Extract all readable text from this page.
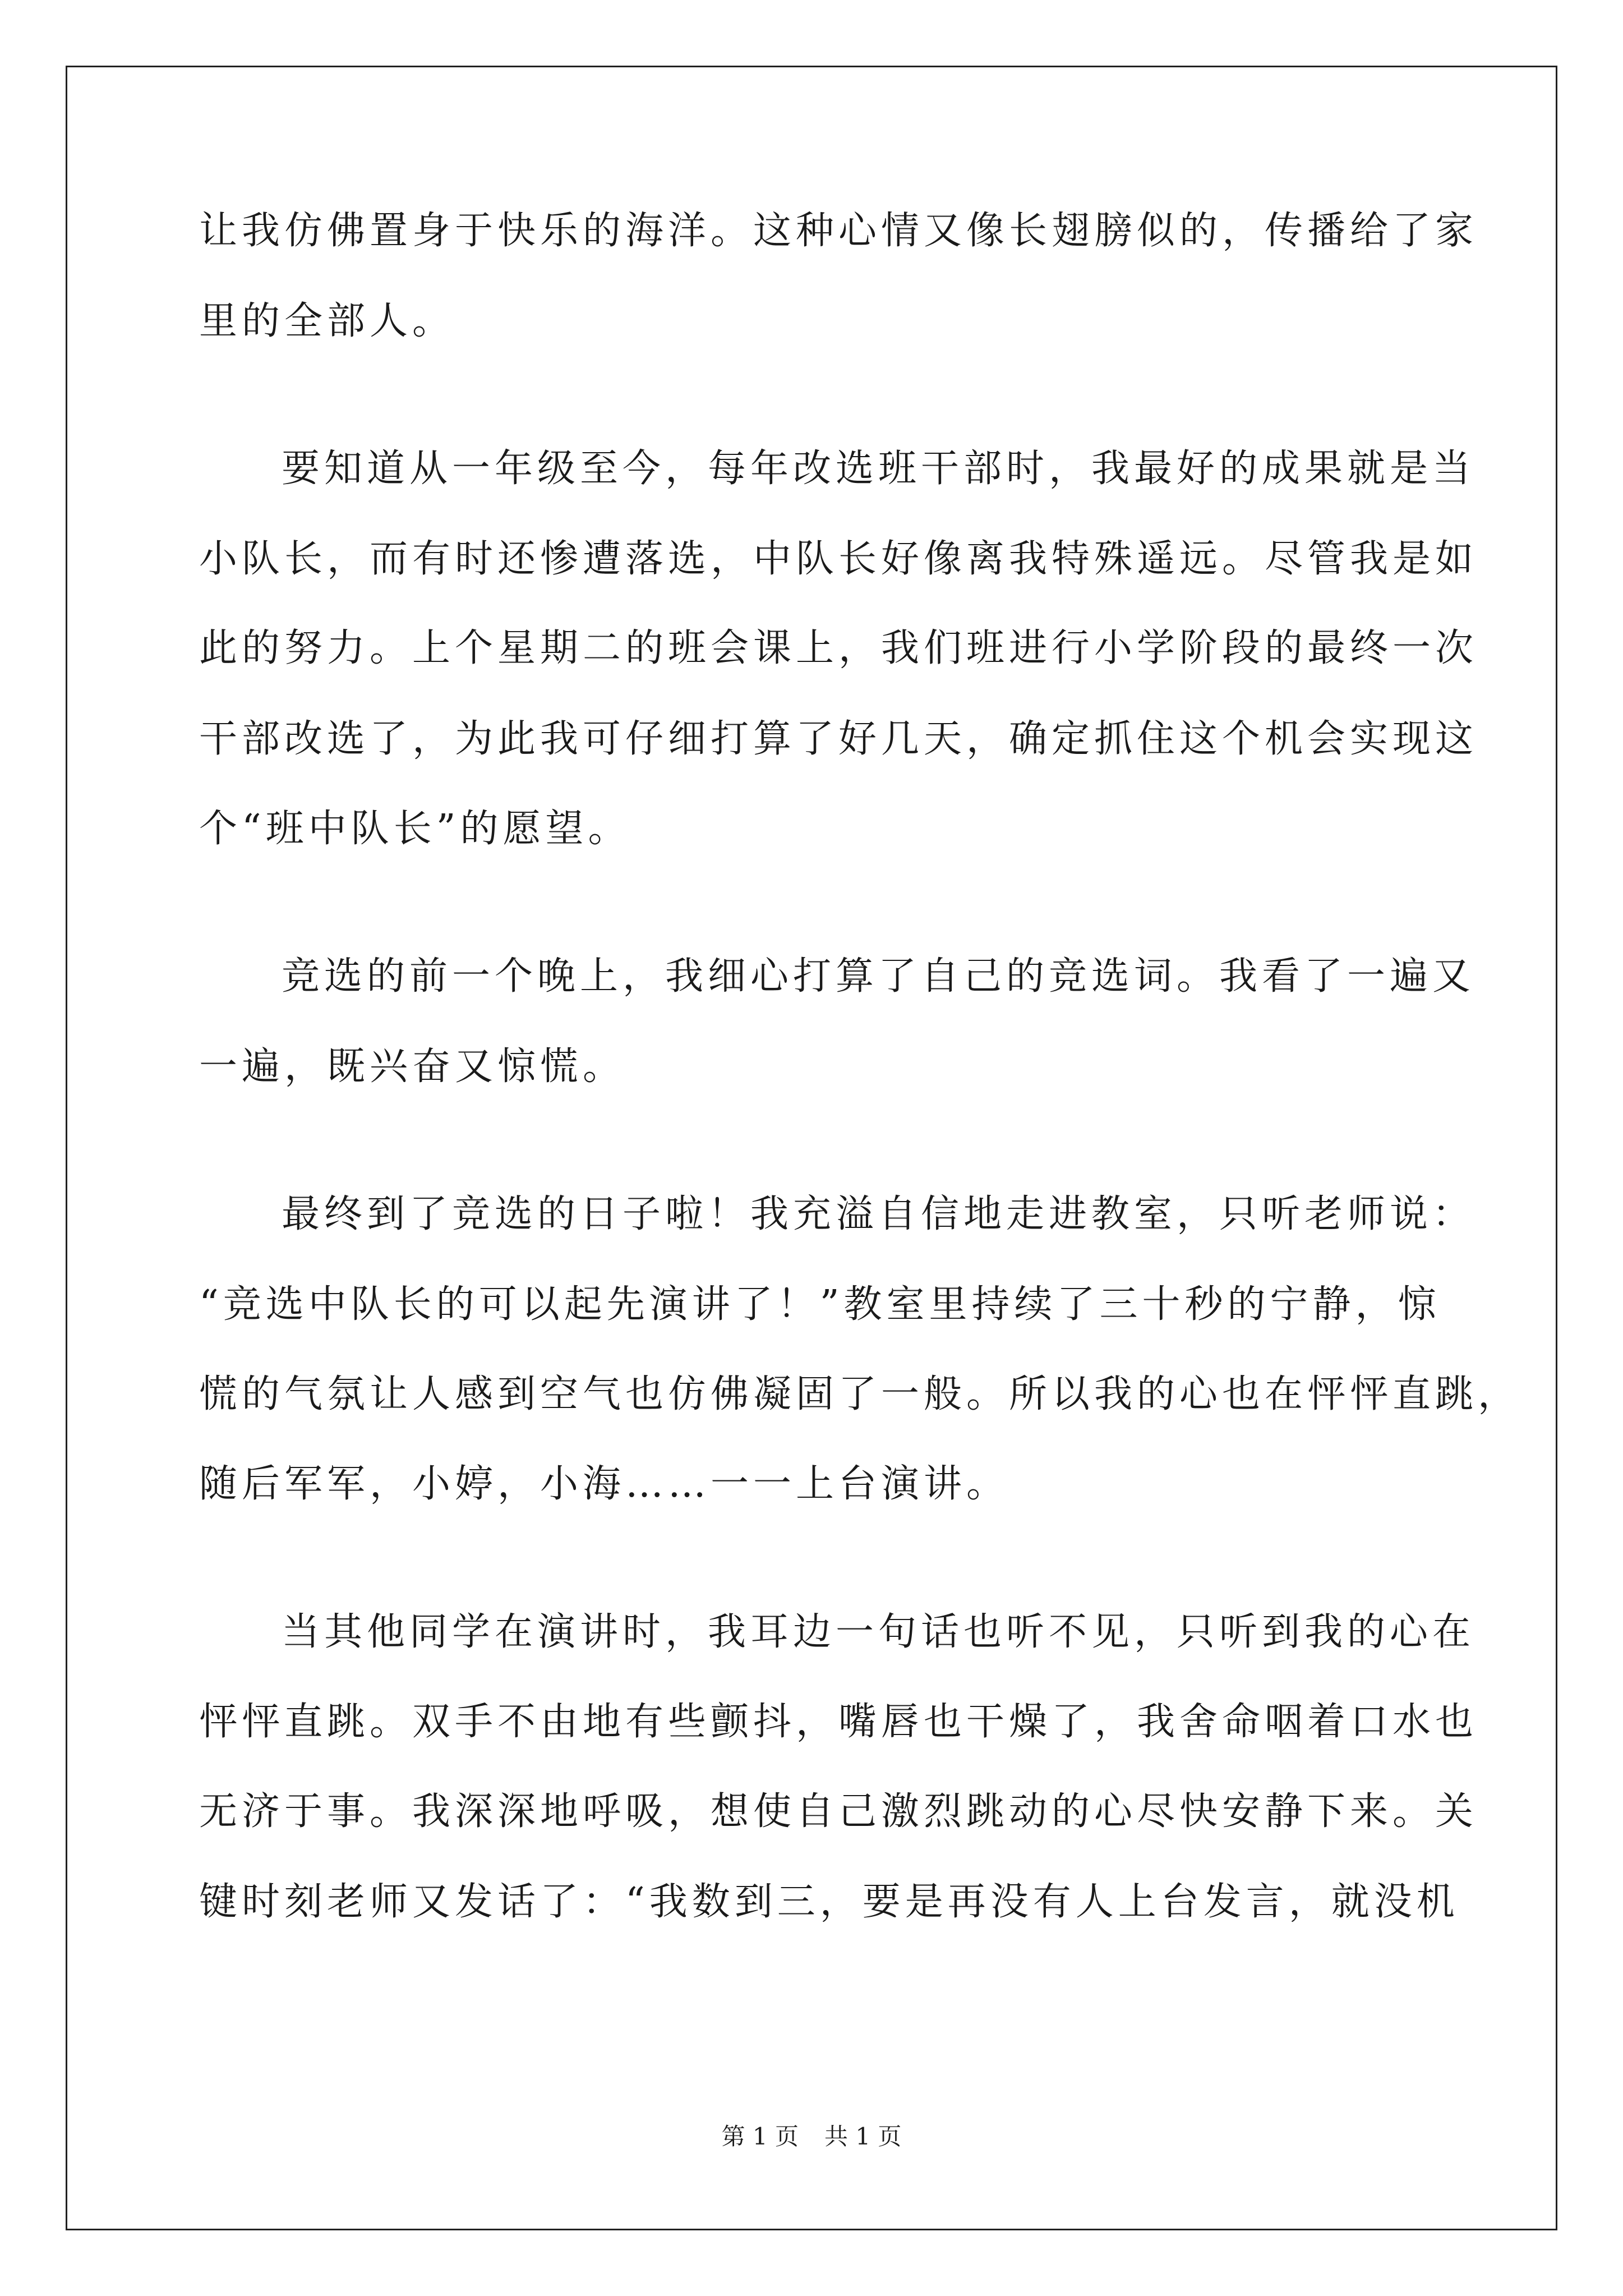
让我仿佛置身于快乐的海洋。这种心情又像长翅膀似的，传播给了家
里的全部人。
要知道从一年级至今，每年改选班干部时，我最好的成果就是当
小队长，而有时还惨遭落选，中队长好像离我特殊遥远。尽管我是如
此的努力。上个星期二的班会课上，我们班进行小学阶段的最终一次
干部改选了，为此我可仔细打算了好几天，确定抓住这个机会实现这
个“班中队长”的愿望。
竞选的前一个晚上，我细心打算了自己的竞选词。我看了一遍又
一遍，既兴奋又惊慌。
最终到了竞选的日子啦！我充溢自信地走进教室，只听老师说：
“竞选中队长的可以起先演讲了！”教室里持续了三十秒的宁静，惊
慌的气氛让人感到空气也仿佛凝固了一般。所以我的心也在怦怦直跳，
随后军军，小婷，小海……一一上台演讲。
当其他同学在演讲时，我耳边一句话也听不见，只听到我的心在
怦怦直跳。双手不由地有些颤抖，嘴唇也干燥了，我舍命咽着口水也
无济于事。我深深地呼吸，想使自己激烈跳动的心尽快安静下来。关
键时刻老师又发话了：“我数到三，要是再没有人上台发言，就没机
第 1 页 共 1 页
